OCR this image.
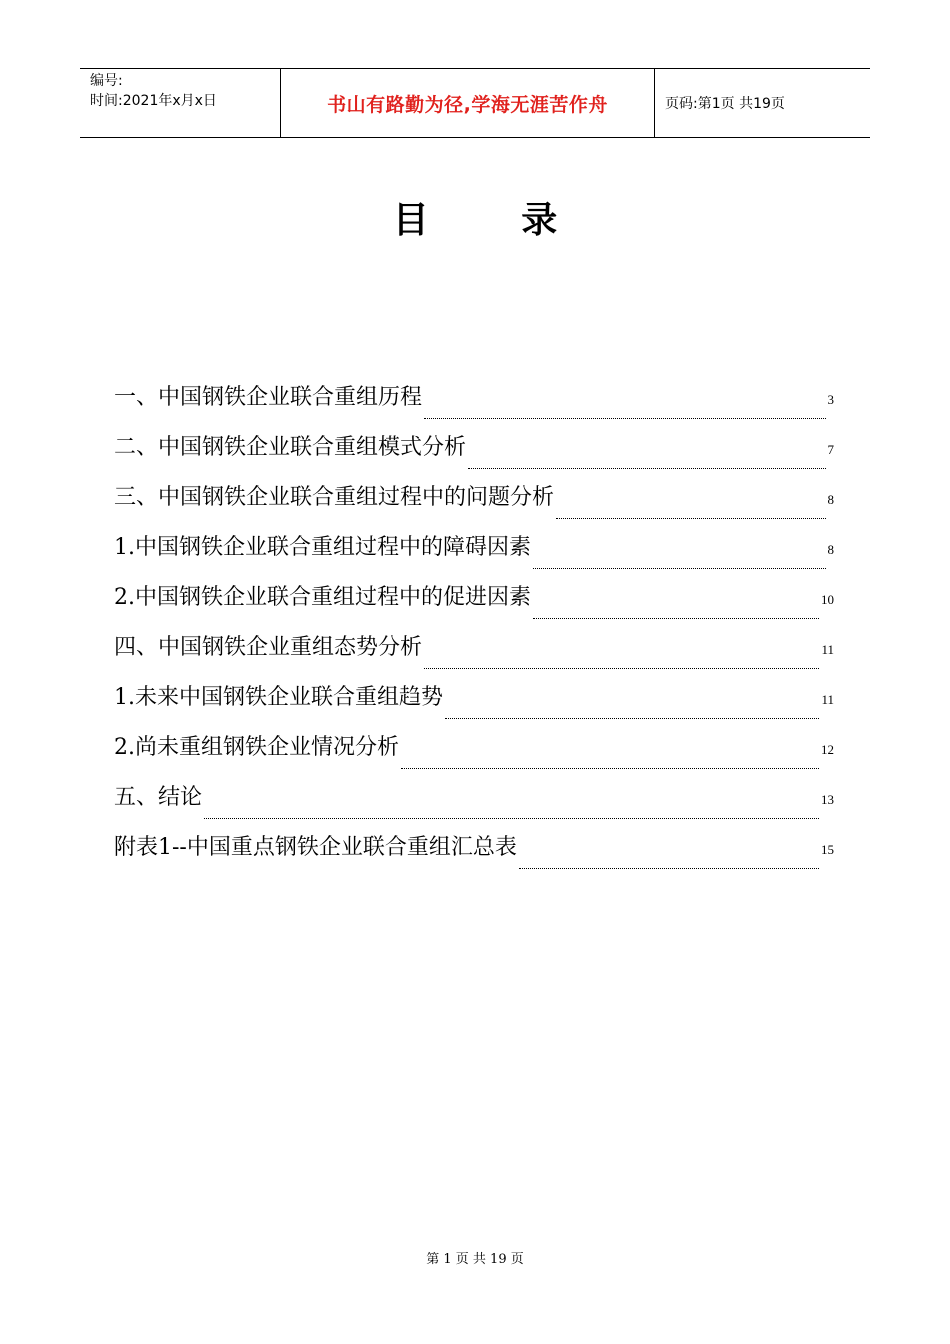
编号:
时间:2021年x月x日	书山有路勤为径,学海无涯苦作舟	页码:第1页 共19页
目 录
一、中国钢铁企业联合重组历程	3
二、中国钢铁企业联合重组模式分析	7
三、中国钢铁企业联合重组过程中的问题分析	8
1.中国钢铁企业联合重组过程中的障碍因素	8
2.中国钢铁企业联合重组过程中的促进因素	10
四、中国钢铁企业重组态势分析	11
1.未来中国钢铁企业联合重组趋势	11
2.尚未重组钢铁企业情况分析	12
五、结论	13
附表1--中国重点钢铁企业联合重组汇总表	15
第 1 页 共 19 页
